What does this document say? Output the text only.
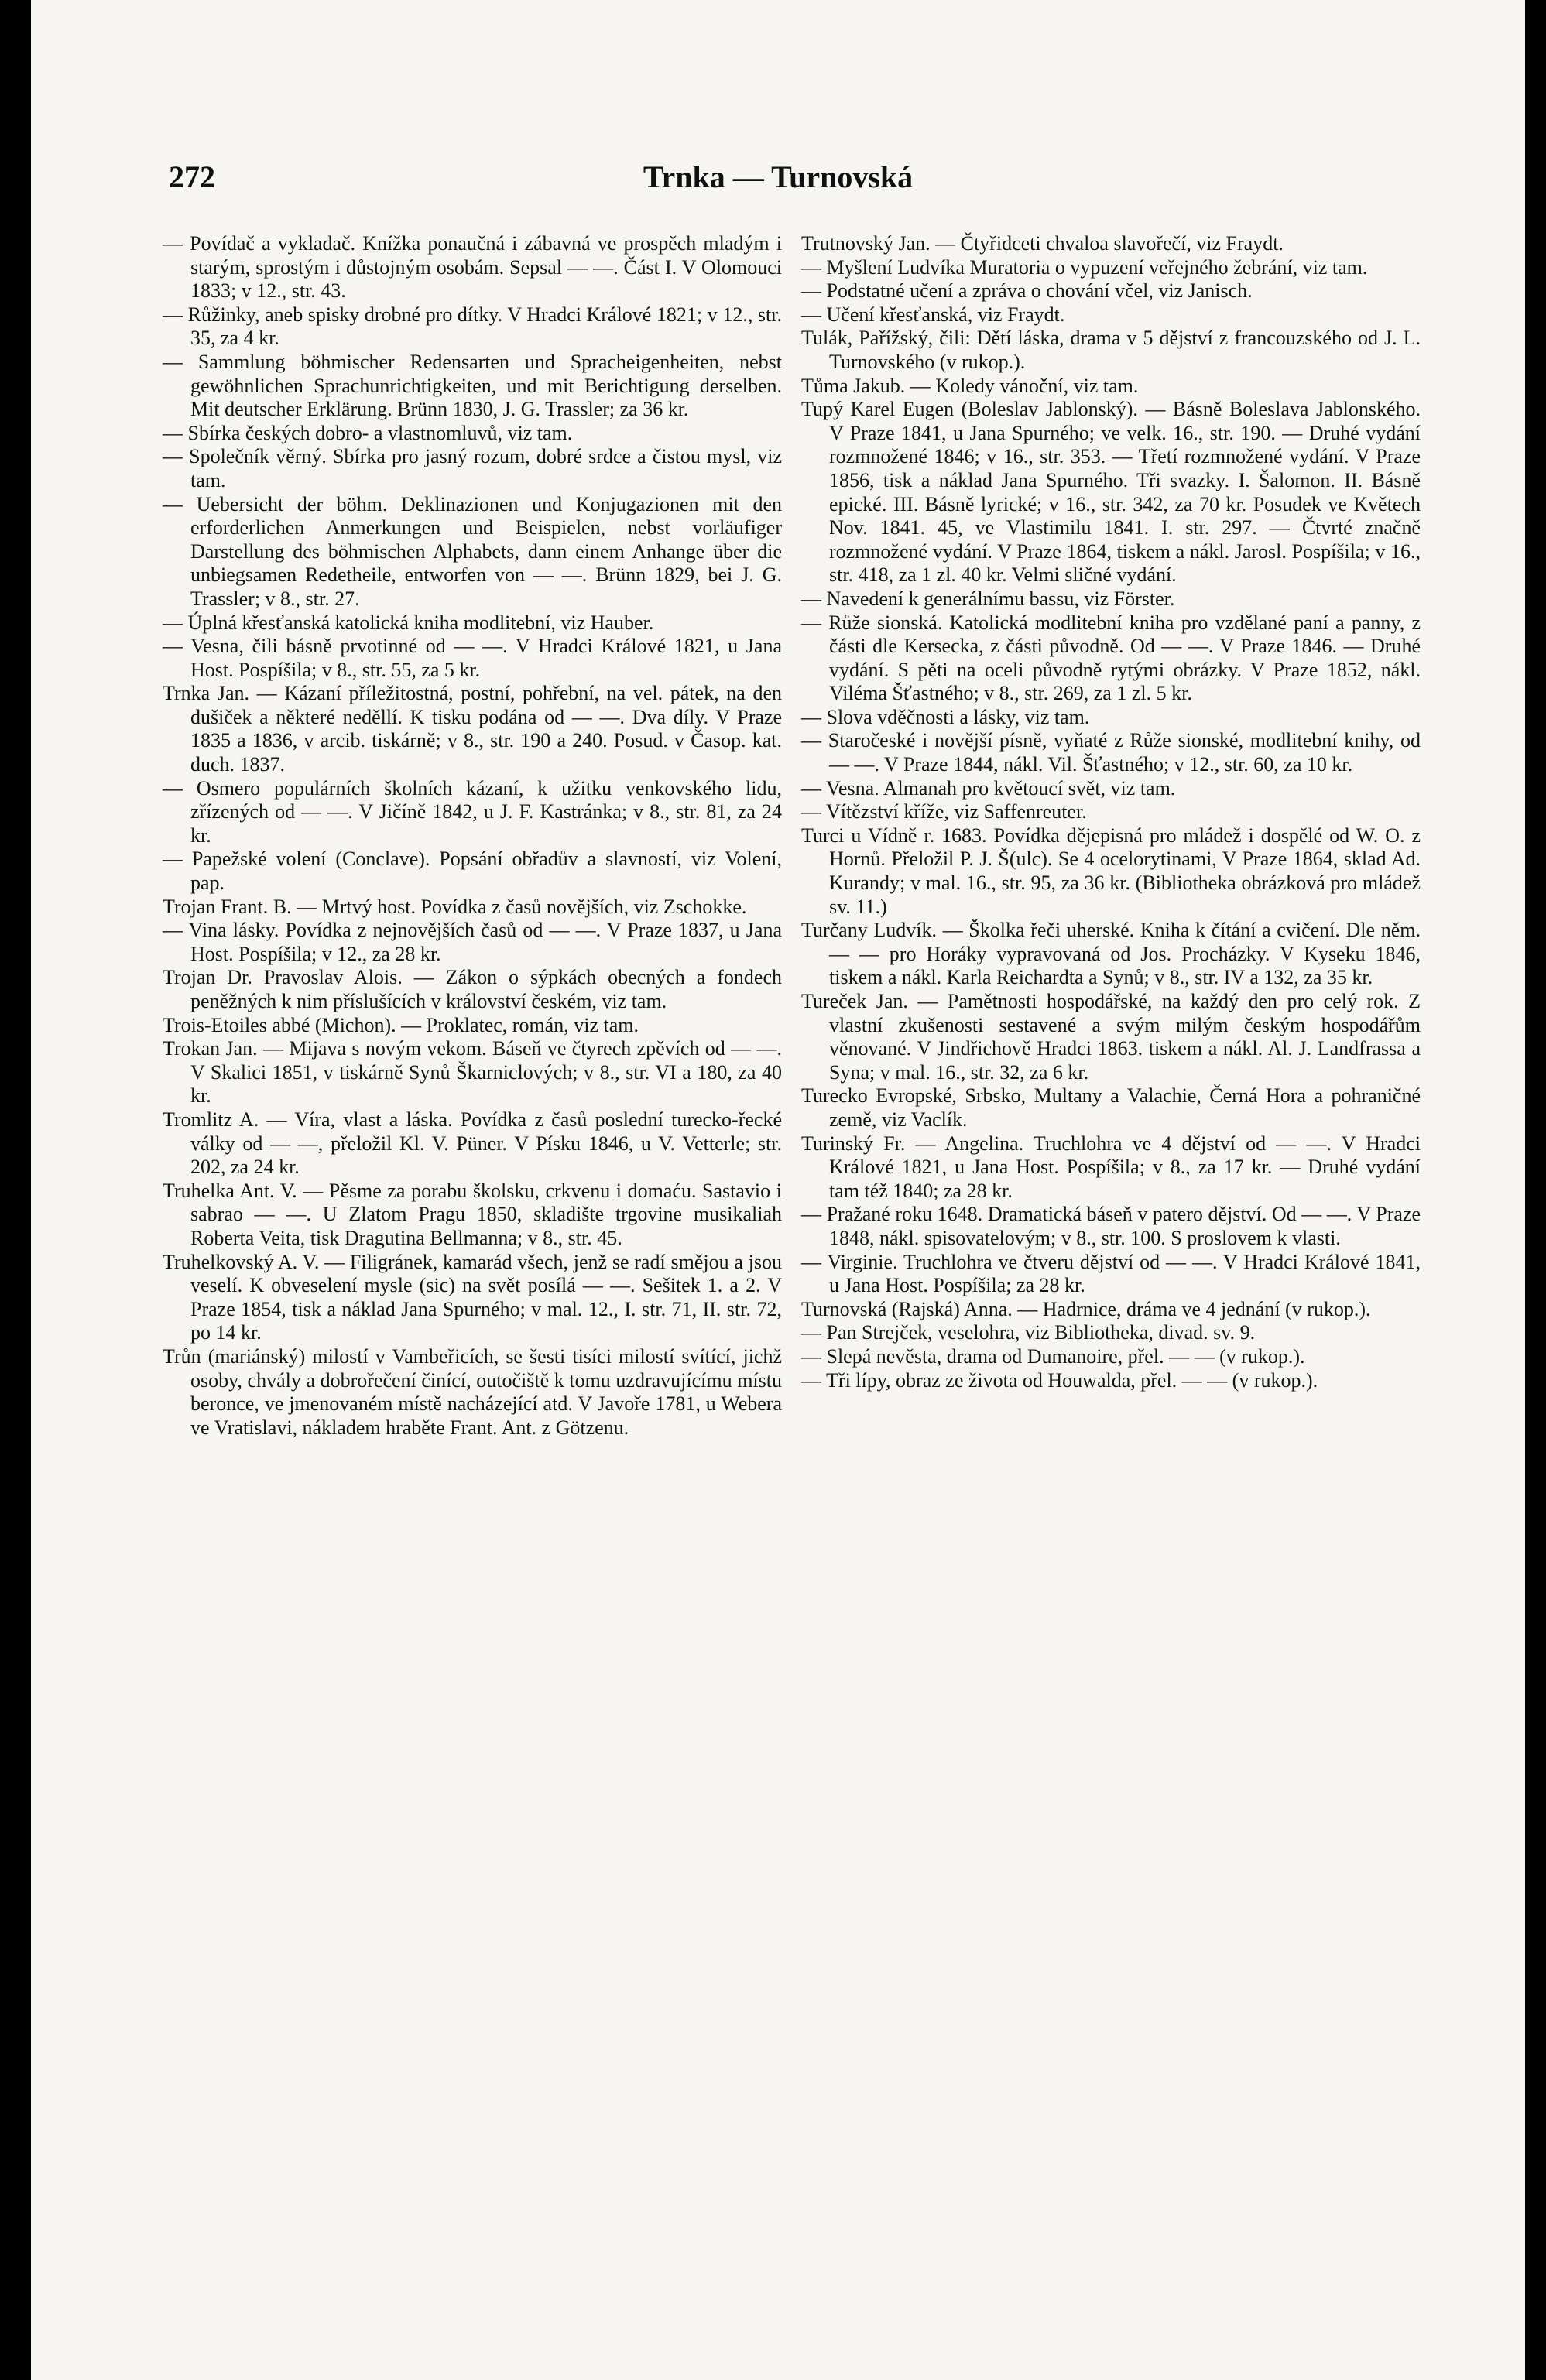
272	Trnka — Turnovská

— Povídač a vykladač. Knížka ponaučná i zábavná ve prospěch mladým i starým, sprostým i důstojným osobám. Sepsal — —. Část I. V Olomouci 1833; v 12., str. 43.

— Růžinky, aneb spisky drobné pro dítky. V Hradci Králové 1821; v 12., str. 35, za 4 kr.

— Sammlung böhmischer Redensarten und Spracheigenheiten, nebst gewöhnlichen Sprachunrichtigkeiten, und mit Berichtigung derselben. Mit deutscher Erklärung. Brünn 1830, J. G. Trassler; za 36 kr.

— Sbírka českých dobro- a vlastnomluvů, viz tam.

— Společník věrný. Sbírka pro jasný rozum, dobré srdce a čistou mysl, viz tam.

— Uebersicht der böhm. Deklinazionen und Konjugazionen mit den erforderlichen Anmerkungen und Beispielen, nebst vorläufiger Darstellung des böhmischen Alphabets, dann einem Anhange über die unbiegsamen Redetheile, entworfen von — —. Brünn 1829, bei J. G. Trassler; v 8., str. 27.

— Úplná křesťanská katolická kniha modlitební, viz Hauber.

— Vesna, čili básně prvotinné od — —. V Hradci Králové 1821, u Jana Host. Pospíšila; v 8., str. 55, za 5 kr.

Trnka Jan. — Kázaní příležitostná, postní, pohřební, na vel. pátek, na den dušiček a některé neděllí. K tisku podána od — —. Dva díly. V Praze 1835 a 1836, v arcib. tiskárně; v 8., str. 190 a 240. Posud. v Časop. kat. duch. 1837.

— Osmero populárních školních kázaní, k užitku venkovského lidu, zřízených od — —. V Jičíně 1842, u J. F. Kastránka; v 8., str. 81, za 24 kr.

— Papežské volení (Conclave). Popsání obřadův a slavností, viz Volení, pap.

Trojan Frant. B. — Mrtvý host. Povídka z časů novějších, viz Zschokke.

— Vina lásky. Povídka z nejnovějších časů od — —. V Praze 1837, u Jana Host. Pospíšila; v 12., za 28 kr.

Trojan Dr. Pravoslav Alois. — Zákon o sýpkách obecných a fondech peněžných k nim příslušících v království českém, viz tam.

Trois-Etoiles abbé (Michon). — Proklatec, román, viz tam.

Trokan Jan. — Mijava s novým vekom. Báseň ve čtyrech zpěvích od — —. V Skalici 1851, v tiskárně Synů Škarniclových; v 8., str. VI a 180, za 40 kr.

Tromlitz A. — Víra, vlast a láska. Povídka z časů poslední turecko-řecké války od — —, přeložil Kl. V. Püner. V Písku 1846, u V. Vetterle; str. 202, za 24 kr.

Truhelka Ant. V. — Pěsme za porabu školsku, crkvenu i domaću. Sastavio i sabrao — —. U Zlatom Pragu 1850, skladište trgovine musikaliah Roberta Veita, tisk Dragutina Bellmanna; v 8., str. 45.

Truhelkovský A. V. — Filigránek, kamarád všech, jenž se radí smějou a jsou veselí. K obveselení mysle (sic) na svět posílá — —. Sešitek 1. a 2. V Praze 1854, tisk a náklad Jana Spurného; v mal. 12., I. str. 71, II. str. 72, po 14 kr.

Trůn (mariánský) milostí v Vambeřicích, se šesti tisíci milostí svítící, jichž osoby, chvály a dobrořečení činící, outočiště k tomu uzdravujícímu místu beronce, ve jmenovaném místě nacházející atd. V Javoře 1781, u Webera ve Vratislavi, nákladem hraběte Frant. Ant. z Götzenu.

Trutnovský Jan. — Čtyřidceti chvaloa slavořečí, viz Fraydt.

— Myšlení Ludvíka Muratoria o vypuzení veřejného žebrání, viz tam.

— Podstatné učení a zpráva o chování včel, viz Janisch.

— Učení křesťanská, viz Fraydt.

Tulák, Pařížský, čili: Dětí láska, drama v 5 dějství z francouzského od J. L. Turnovského (v rukop.).

Tůma Jakub. — Koledy vánoční, viz tam.

Tupý Karel Eugen (Boleslav Jablonský). — Básně Boleslava Jablonského. V Praze 1841, u Jana Spurného; ve velk. 16., str. 190. — Druhé vydání rozmnožené 1846; v 16., str. 353. — Třetí rozmnožené vydání. V Praze 1856, tisk a náklad Jana Spurného. Tři svazky. I. Šalomon. II. Básně epické. III. Básně lyrické; v 16., str. 342, za 70 kr. Posudek ve Květech Nov. 1841. 45, ve Vlastimilu 1841. I. str. 297. — Čtvrté značně rozmnožené vydání. V Praze 1864, tiskem a nákl. Jarosl. Pospíšila; v 16., str. 418, za 1 zl. 40 kr. Velmi sličné vydání.

— Navedení k generálnímu bassu, viz Förster.

— Růže sionská. Katolická modlitební kniha pro vzdělané paní a panny, z části dle Kersecka, z části původně. Od — —. V Praze 1846. — Druhé vydání. S pěti na oceli původně rytými obrázky. V Praze 1852, nákl. Viléma Šťastného; v 8., str. 269, za 1 zl. 5 kr.

— Slova vděčnosti a lásky, viz tam.

— Staročeské i novější písně, vyňaté z Růže sionské, modlitební knihy, od — —. V Praze 1844, nákl. Vil. Šťastného; v 12., str. 60, za 10 kr.

— Vesna. Almanah pro květoucí svět, viz tam.

— Vítězství kříže, viz Saffenreuter.

Turci u Vídně r. 1683. Povídka dějepisná pro mládež i dospělé od W. O. z Hornů. Přeložil P. J. Š(ulc). Se 4 ocelorytinami, V Praze 1864, sklad Ad. Kurandy; v mal. 16., str. 95, za 36 kr. (Bibliotheka obrázková pro mládež sv. 11.)

Turčany Ludvík. — Školka řeči uherské. Kniha k čítání a cvičení. Dle něm. — — pro Horáky vypravovaná od Jos. Procházky. V Kyseku 1846, tiskem a nákl. Karla Reichardta a Synů; v 8., str. IV a 132, za 35 kr.

Tureček Jan. — Pamětnosti hospodářské, na každý den pro celý rok. Z vlastní zkušenosti sestavené a svým milým českým hospodářům věnované. V Jindřichově Hradci 1863. tiskem a nákl. Al. J. Landfrassa a Syna; v mal. 16., str. 32, za 6 kr.

Turecko Evropské, Srbsko, Multany a Valachie, Černá Hora a pohraničné země, viz Vaclík.

Turinský Fr. — Angelina. Truchlohra ve 4 dějství od — —. V Hradci Králové 1821, u Jana Host. Pospíšila; v 8., za 17 kr. — Druhé vydání tam též 1840; za 28 kr.

— Pražané roku 1648. Dramatická báseň v patero dějství. Od — —. V Praze 1848, nákl. spisovatelovým; v 8., str. 100. S proslovem k vlasti.

— Virginie. Truchlohra ve čtveru dějství od — —. V Hradci Králové 1841, u Jana Host. Pospíšila; za 28 kr.

Turnovská (Rajská) Anna. — Hadrnice, dráma ve 4 jednání (v rukop.).

— Pan Strejček, veselohra, viz Bibliotheka, divad. sv. 9.

— Slepá nevěsta, drama od Dumanoire, přel. — — (v rukop.).

— Tři lípy, obraz ze života od Houwalda, přel. — — (v rukop.).
